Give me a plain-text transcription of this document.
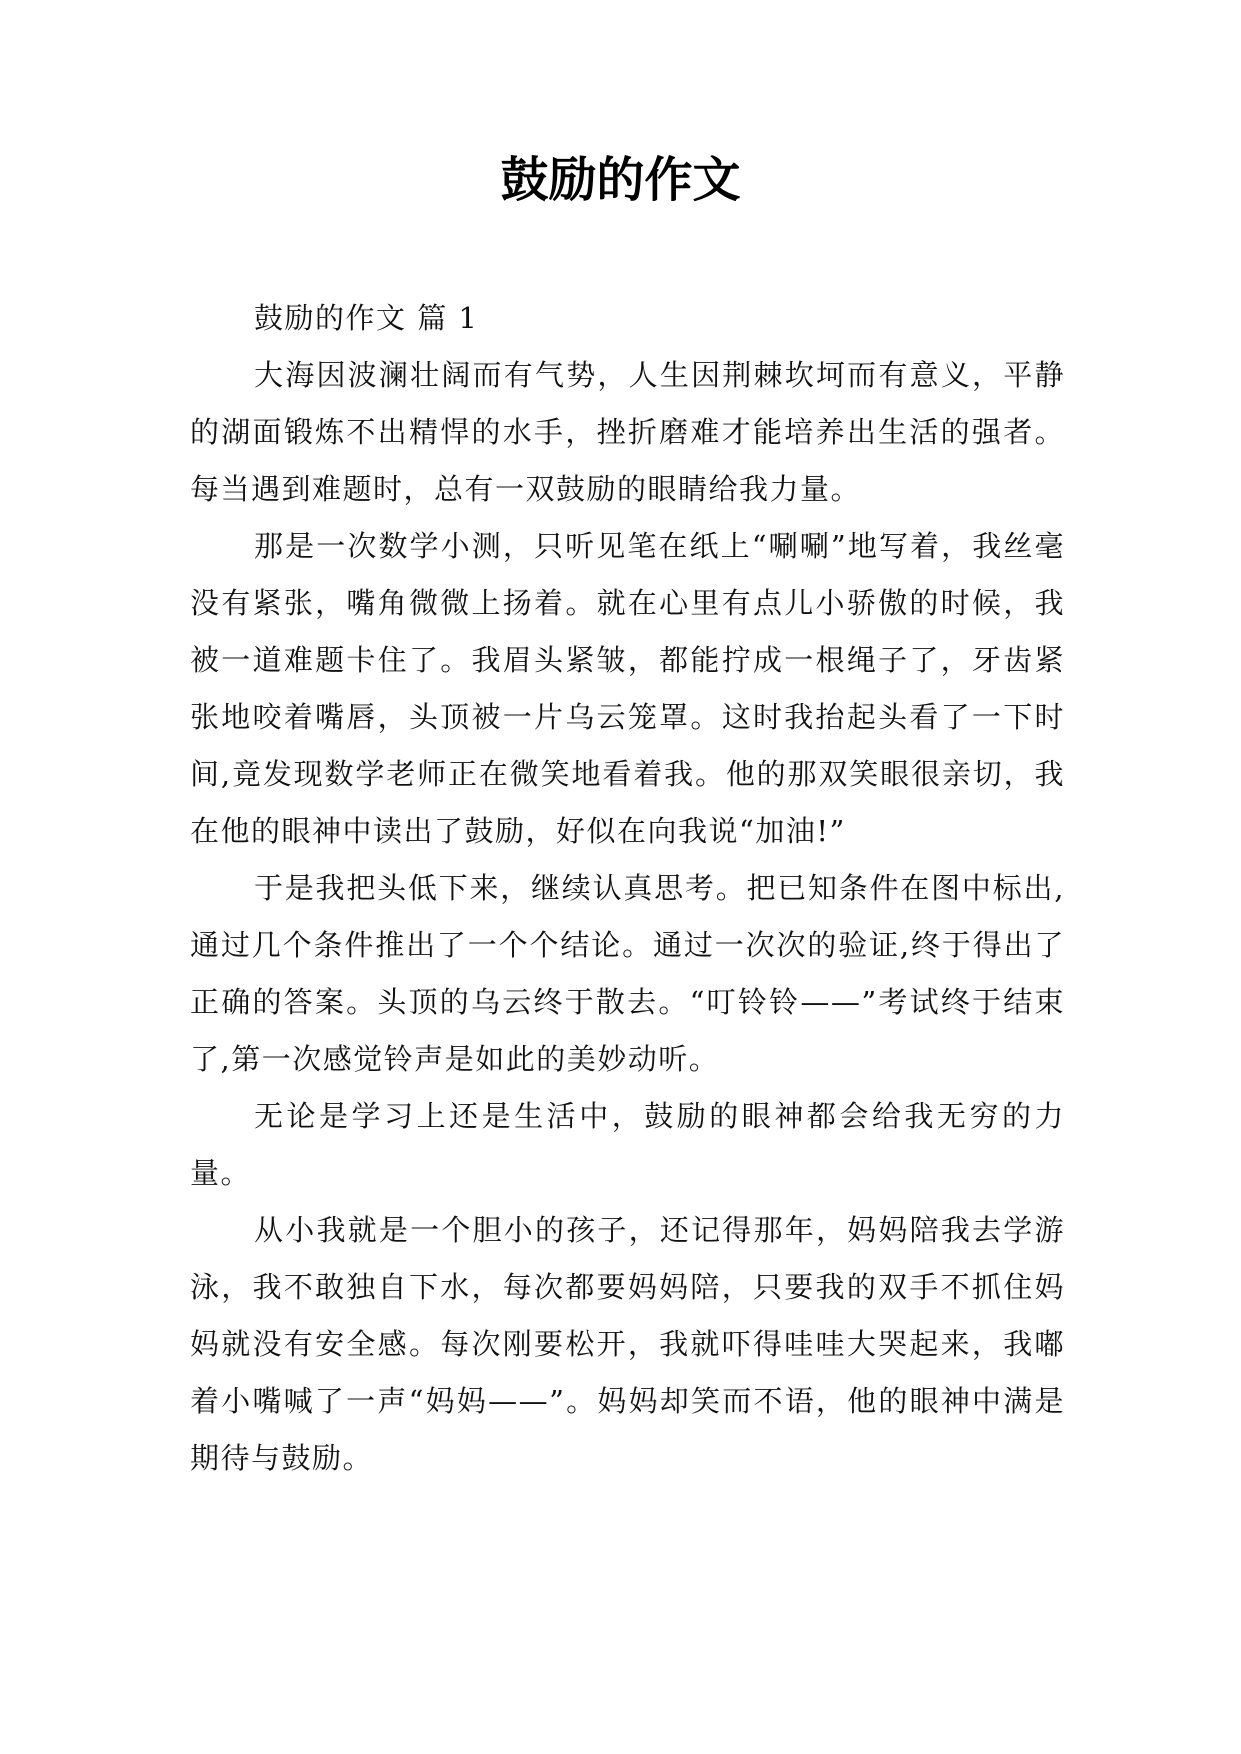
鼓励的作文

鼓励的作文 篇 1

大海因波澜壮阔而有气势，人生因荆棘坎坷而有意义，平静的湖面锻炼不出精悍的水手，挫折磨难才能培养出生活的强者。每当遇到难题时，总有一双鼓励的眼睛给我力量。

那是一次数学小测，只听见笔在纸上“唰唰”地写着，我丝毫没有紧张，嘴角微微上扬着。就在心里有点儿小骄傲的时候，我被一道难题卡住了。我眉头紧皱，都能拧成一根绳子了，牙齿紧张地咬着嘴唇，头顶被一片乌云笼罩。这时我抬起头看了一下时间,竟发现数学老师正在微笑地看着我。他的那双笑眼很亲切，我在他的眼神中读出了鼓励，好似在向我说“加油!”

于是我把头低下来，继续认真思考。把已知条件在图中标出,通过几个条件推出了一个个结论。通过一次次的验证,终于得出了正确的答案。头顶的乌云终于散去。“叮铃铃——”考试终于结束了,第一次感觉铃声是如此的美妙动听。

无论是学习上还是生活中，鼓励的眼神都会给我无穷的力量。

从小我就是一个胆小的孩子，还记得那年，妈妈陪我去学游泳，我不敢独自下水，每次都要妈妈陪，只要我的双手不抓住妈妈就没有安全感。每次刚要松开，我就吓得哇哇大哭起来，我嘟着小嘴喊了一声“妈妈——”。妈妈却笑而不语，他的眼神中满是期待与鼓励。
